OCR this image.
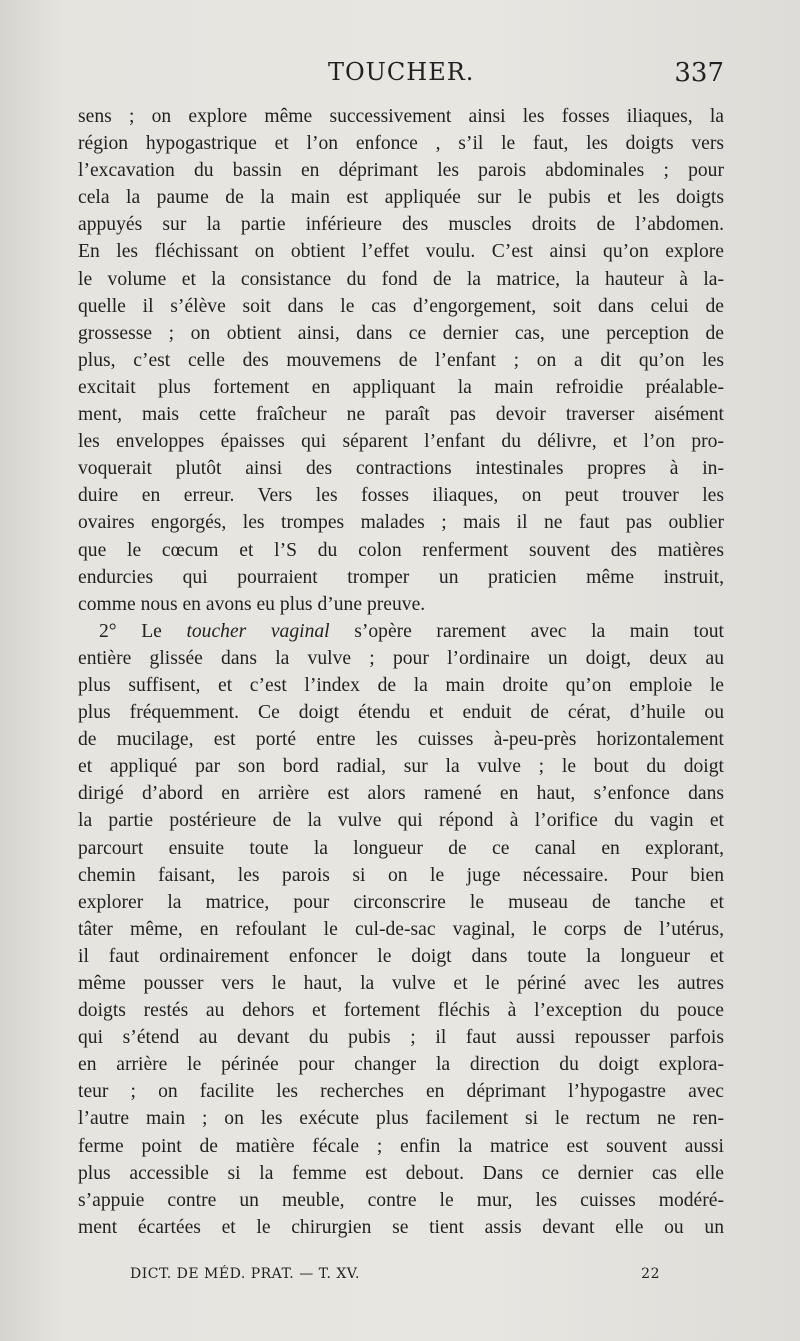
TOUCHER.	337
sens ; on explore même successivement ainsi les fosses iliaques, la
région hypogastrique et l’on enfonce , s’il le faut, les doigts vers
l’excavation du bassin en déprimant les parois abdominales ; pour
cela la paume de la main est appliquée sur le pubis et les doigts
appuyés sur la partie inférieure des muscles droits de l’abdomen.
En les fléchissant on obtient l’effet voulu. C’est ainsi qu’on explore
le volume et la consistance du fond de la matrice, la hauteur à la-
quelle il s’élève soit dans le cas d’engorgement, soit dans celui de
grossesse ; on obtient ainsi, dans ce dernier cas, une perception de
plus, c’est celle des mouvemens de l’enfant ; on a dit qu’on les
excitait plus fortement en appliquant la main refroidie préalable-
ment, mais cette fraîcheur ne paraît pas devoir traverser aisément
les enveloppes épaisses qui séparent l’enfant du délivre, et l’on pro-
voquerait plutôt ainsi des contractions intestinales propres à in-
duire en erreur. Vers les fosses iliaques, on peut trouver les
ovaires engorgés, les trompes malades ; mais il ne faut pas oublier
que le cœcum et l’S du colon renferment souvent des matières
endurcies qui pourraient tromper un praticien même instruit,
comme nous en avons eu plus d’une preuve.
2° Le toucher vaginal s’opère rarement avec la main tout
entière glissée dans la vulve ; pour l’ordinaire un doigt, deux au
plus suffisent, et c’est l’index de la main droite qu’on emploie le
plus fréquemment. Ce doigt étendu et enduit de cérat, d’huile ou
de mucilage, est porté entre les cuisses à-peu-près horizontalement
et appliqué par son bord radial, sur la vulve ; le bout du doigt
dirigé d’abord en arrière est alors ramené en haut, s’enfonce dans
la partie postérieure de la vulve qui répond à l’orifice du vagin et
parcourt ensuite toute la longueur de ce canal en explorant,
chemin faisant, les parois si on le juge nécessaire. Pour bien
explorer la matrice, pour circonscrire le museau de tanche et
tâter même, en refoulant le cul-de-sac vaginal, le corps de l’utérus,
il faut ordinairement enfoncer le doigt dans toute la longueur et
même pousser vers le haut, la vulve et le périné avec les autres
doigts restés au dehors et fortement fléchis à l’exception du pouce
qui s’étend au devant du pubis ; il faut aussi repousser parfois
en arrière le périnée pour changer la direction du doigt explora-
teur ; on facilite les recherches en déprimant l’hypogastre avec
l’autre main ; on les exécute plus facilement si le rectum ne ren-
ferme point de matière fécale ; enfin la matrice est souvent aussi
plus accessible si la femme est debout. Dans ce dernier cas elle
s’appuie contre un meuble, contre le mur, les cuisses modéré-
ment écartées et le chirurgien se tient assis devant elle ou un
DICT. DE MÉD. PRAT. — T. XV.	22
